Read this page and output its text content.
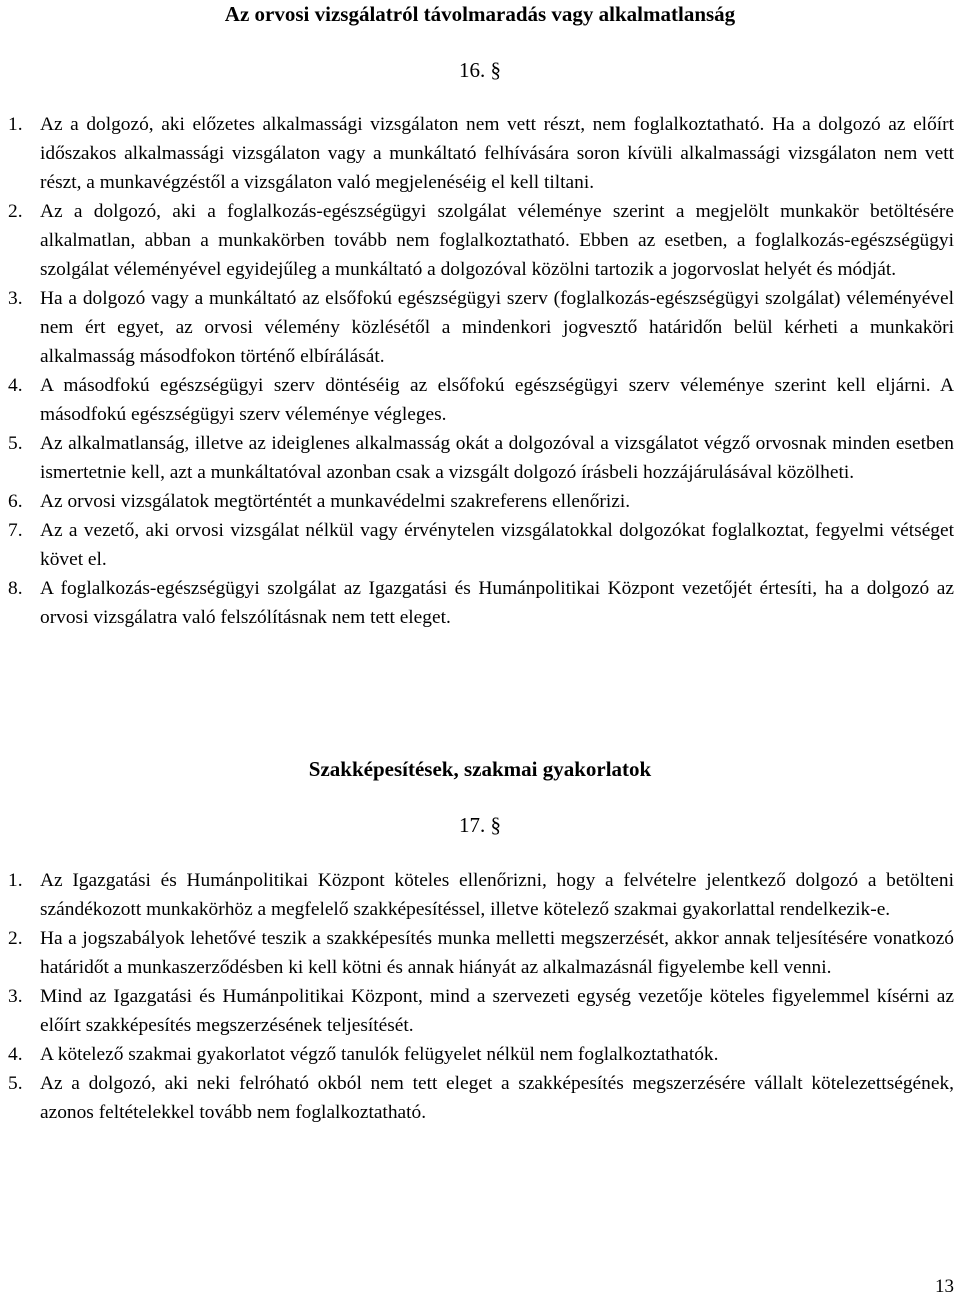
Az orvosi vizsgálatról távolmaradás vagy alkalmatlanság
16. §
1. Az a dolgozó, aki előzetes alkalmassági vizsgálaton nem vett részt, nem foglalkoztatható. Ha a dolgozó az előírt időszakos alkalmassági vizsgálaton vagy a munkáltató felhívására soron kívüli alkalmassági vizsgálaton nem vett részt, a munkavégzéstől a vizsgálaton való megjelenéséig el kell tiltani.
2. Az a dolgozó, aki a foglalkozás-egészségügyi szolgálat véleménye szerint a megjelölt munkakör betöltésére alkalmatlan, abban a munkakörben tovább nem foglalkoztatható. Ebben az esetben, a foglalkozás-egészségügyi szolgálat véleményével egyidejűleg a munkáltató a dolgozóval közölni tartozik a jogorvoslat helyét és módját.
3. Ha a dolgozó vagy a munkáltató az elsőfokú egészségügyi szerv (foglalkozás-egészségügyi szolgálat) véleményével nem ért egyet, az orvosi vélemény közlésétől a mindenkori jogvesztő határidőn belül kérheti a munkaköri alkalmasság másodfokon történő elbírálását.
4. A másodfokú egészségügyi szerv döntéséig az elsőfokú egészségügyi szerv véleménye szerint kell eljárni. A másodfokú egészségügyi szerv véleménye végleges.
5. Az alkalmatlanság, illetve az ideiglenes alkalmasság okát a dolgozóval a vizsgálatot végző orvosnak minden esetben ismertetnie kell, azt a munkáltatóval azonban csak a vizsgált dolgozó írásbeli hozzájárulásával közölheti.
6. Az orvosi vizsgálatok megtörténtét a munkavédelmi szakreferens ellenőrizi.
7. Az a vezető, aki orvosi vizsgálat nélkül vagy érvénytelen vizsgálatokkal dolgozókat foglalkoztat, fegyelmi vétséget követ el.
8. A foglalkozás-egészségügyi szolgálat az Igazgatási és Humánpolitikai Központ vezetőjét értesíti, ha a dolgozó az orvosi vizsgálatra való felszólításnak nem tett eleget.
Szakképesítések, szakmai gyakorlatok
17. §
1. Az Igazgatási és Humánpolitikai Központ köteles ellenőrizni, hogy a felvételre jelentkező dolgozó a betölteni szándékozott munkakörhöz a megfelelő szakképesítéssel, illetve kötelező szakmai gyakorlattal rendelkezik-e.
2. Ha a jogszabályok lehetővé teszik a szakképesítés munka melletti megszerzését, akkor annak teljesítésére vonatkozó határidőt a munkaszerződésben ki kell kötni és annak hiányát az alkalmazásnál figyelembe kell venni.
3. Mind az Igazgatási és Humánpolitikai Központ, mind a szervezeti egység vezetője köteles figyelemmel kísérni az előírt szakképesítés megszerzésének teljesítését.
4. A kötelező szakmai gyakorlatot végző tanulók felügyelet nélkül nem foglalkoztathatók.
5. Az a dolgozó, aki neki felróható okból nem tett eleget a szakképesítés megszerzésére vállalt kötelezettségének, azonos feltételekkel tovább nem foglalkoztatható.
13
